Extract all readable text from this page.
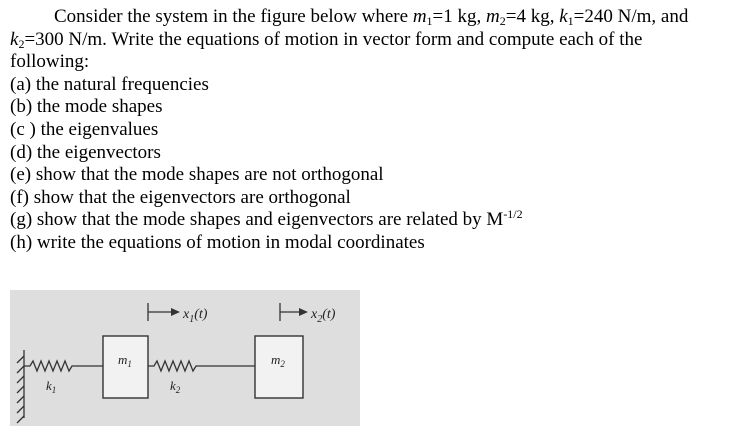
Consider the system in the figure below where $m_1=1$ kg, $m_2=4$ kg, $k_1=240$ N/m, and $k_2=300$ N/m. Write the equations of motion in vector form and compute each of the following:

(a) the natural frequencies

(b) the mode shapes

(c ) the eigenvalues

(d) the eigenvectors

(e) show that the mode shapes are not orthogonal

(f) show that the eigenvectors are orthogonal

(g) show that the mode shapes and eigenvectors are related by $M^{-1/2}$

(h) write the equations of motion in modal coordinates

$x_1(t)$	$x_2(t)$
$m_1$	$m_2$
$k_1$	$k_2$
